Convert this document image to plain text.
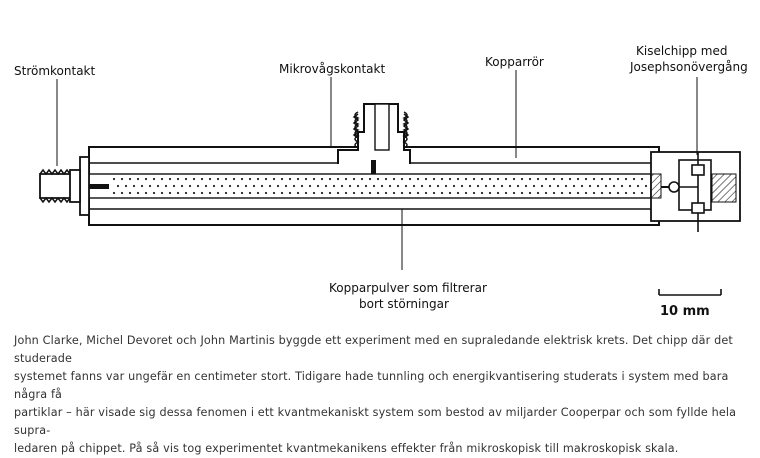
Strömkontakt	Mikrovågskontakt	Kopparrör
Kiselchipp med
Josephsonövergång
Kopparpulver som filtrerar
bort störningar	10 mm
John Clarke, Michel Devoret och John Martinis byggde ett experiment med en supraledande elektrisk krets. Det chipp där det studerade
systemet fanns var ungefär en centimeter stort. Tidigare hade tunnling och energikvantisering studerats i system med bara några få
partiklar – här visade sig dessa fenomen i ett kvantmekaniskt system som bestod av miljarder Cooperpar och som fyllde hela supra-
ledaren på chippet. På så vis tog experimentet kvantmekanikens effekter från mikroskopisk till makroskopisk skala.
